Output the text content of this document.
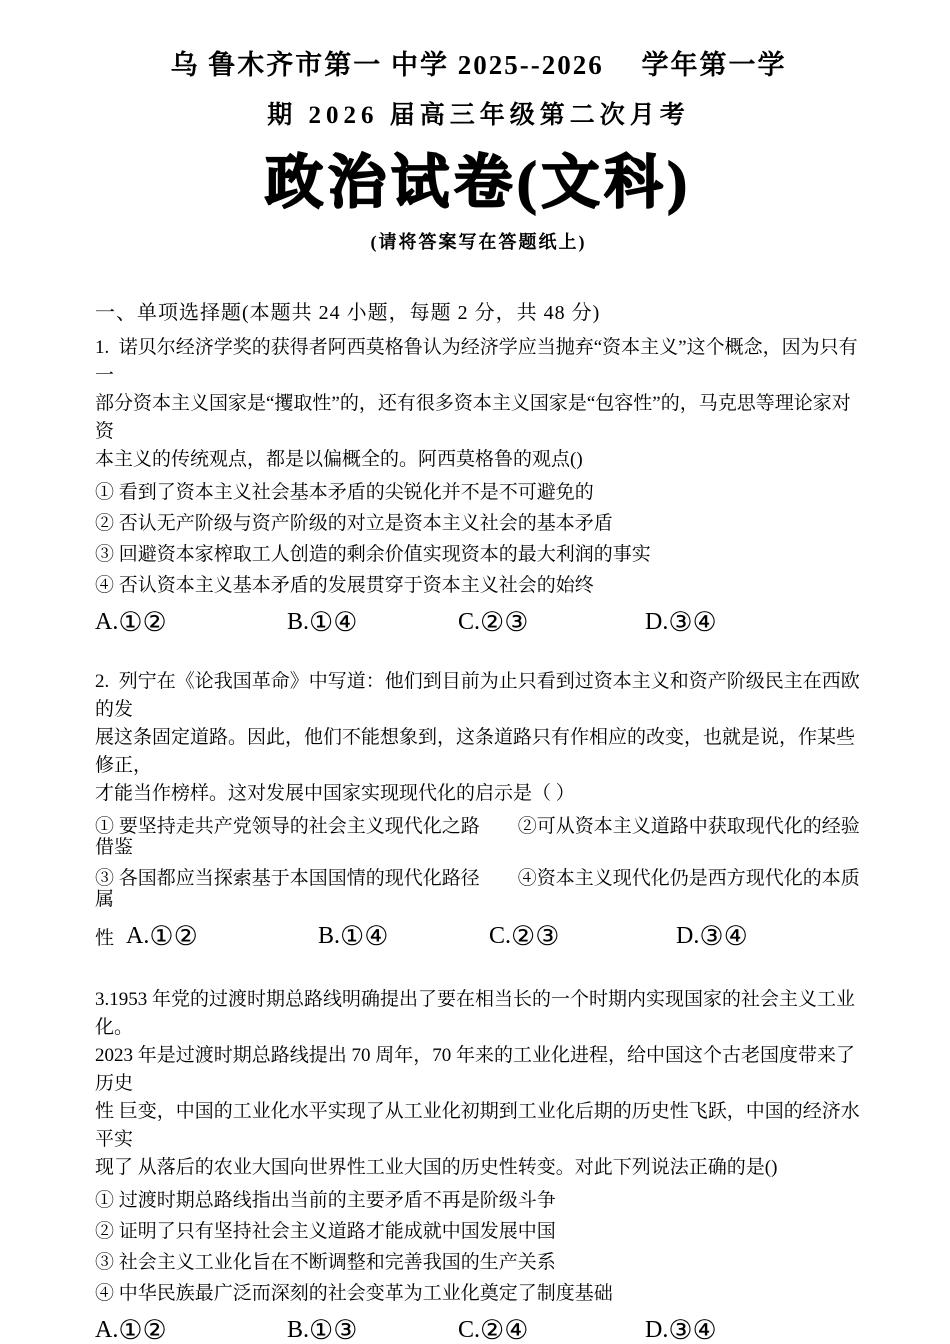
乌 鲁木齐市第一 中学 2025--2026　 学年第一学
期 2026 届高三年级第二次月考
政治试卷(文科)
(请将答案写在答题纸上)
一、单项选择题(本题共 24 小题，每题 2 分，共 48 分)
1.  诺贝尔经济学奖的获得者阿西莫格鲁认为经济学应当抛弃“资本主义”这个概念，因为只有一
部分资本主义国家是“攫取性”的，还有很多资本主义国家是“包容性”的，马克思等理论家对资
本主义的传统观点，都是以偏概全的。阿西莫格鲁的观点()
① 看到了资本主义社会基本矛盾的尖锐化并不是不可避免的
② 否认无产阶级与资产阶级的对立是资本主义社会的基本矛盾
③ 回避资本家榨取工人创造的剩余价值实现资本的最大利润的事实
④ 否认资本主义基本矛盾的发展贯穿于资本主义社会的始终
A. ①②	B. ①④	C. ②③	D. ③④
2.  列宁在《论我国革命》中写道：他们到目前为止只看到过资本主义和资产阶级民主在西欧的发
展这条固定道路。因此，他们不能想象到，这条道路只有作相应的改变，也就是说，作某些修正，
才能当作榜样。这对发展中国家实现现代化的启示是（ ）
① 要坚持走共产党领导的社会主义现代化之路　　②可从资本主义道路中获取现代化的经验借鉴
③ 各国都应当探索基于本国国情的现代化路径　　④资本主义现代化仍是西方现代化的本质属
性 A. ①②	B. ①④	C. ②③	D. ③④
3.1953 年党的过渡时期总路线明确提出了要在相当长的一个时期内实现国家的社会主义工业化。
2023 年是过渡时期总路线提出 70 周年，70 年来的工业化进程，给中国这个古老国度带来了历史
性 巨变，中国的工业化水平实现了从工业化初期到工业化后期的历史性飞跃，中国的经济水平实
现了 从落后的农业大国向世界性工业大国的历史性转变。对此下列说法正确的是()
① 过渡时期总路线指出当前的主要矛盾不再是阶级斗争
② 证明了只有坚持社会主义道路才能成就中国发展中国
③ 社会主义工业化旨在不断调整和完善我国的生产关系
④ 中华民族最广泛而深刻的社会变革为工业化奠定了制度基础
A. ①②	B. ①③	C. ②④	D. ③④
